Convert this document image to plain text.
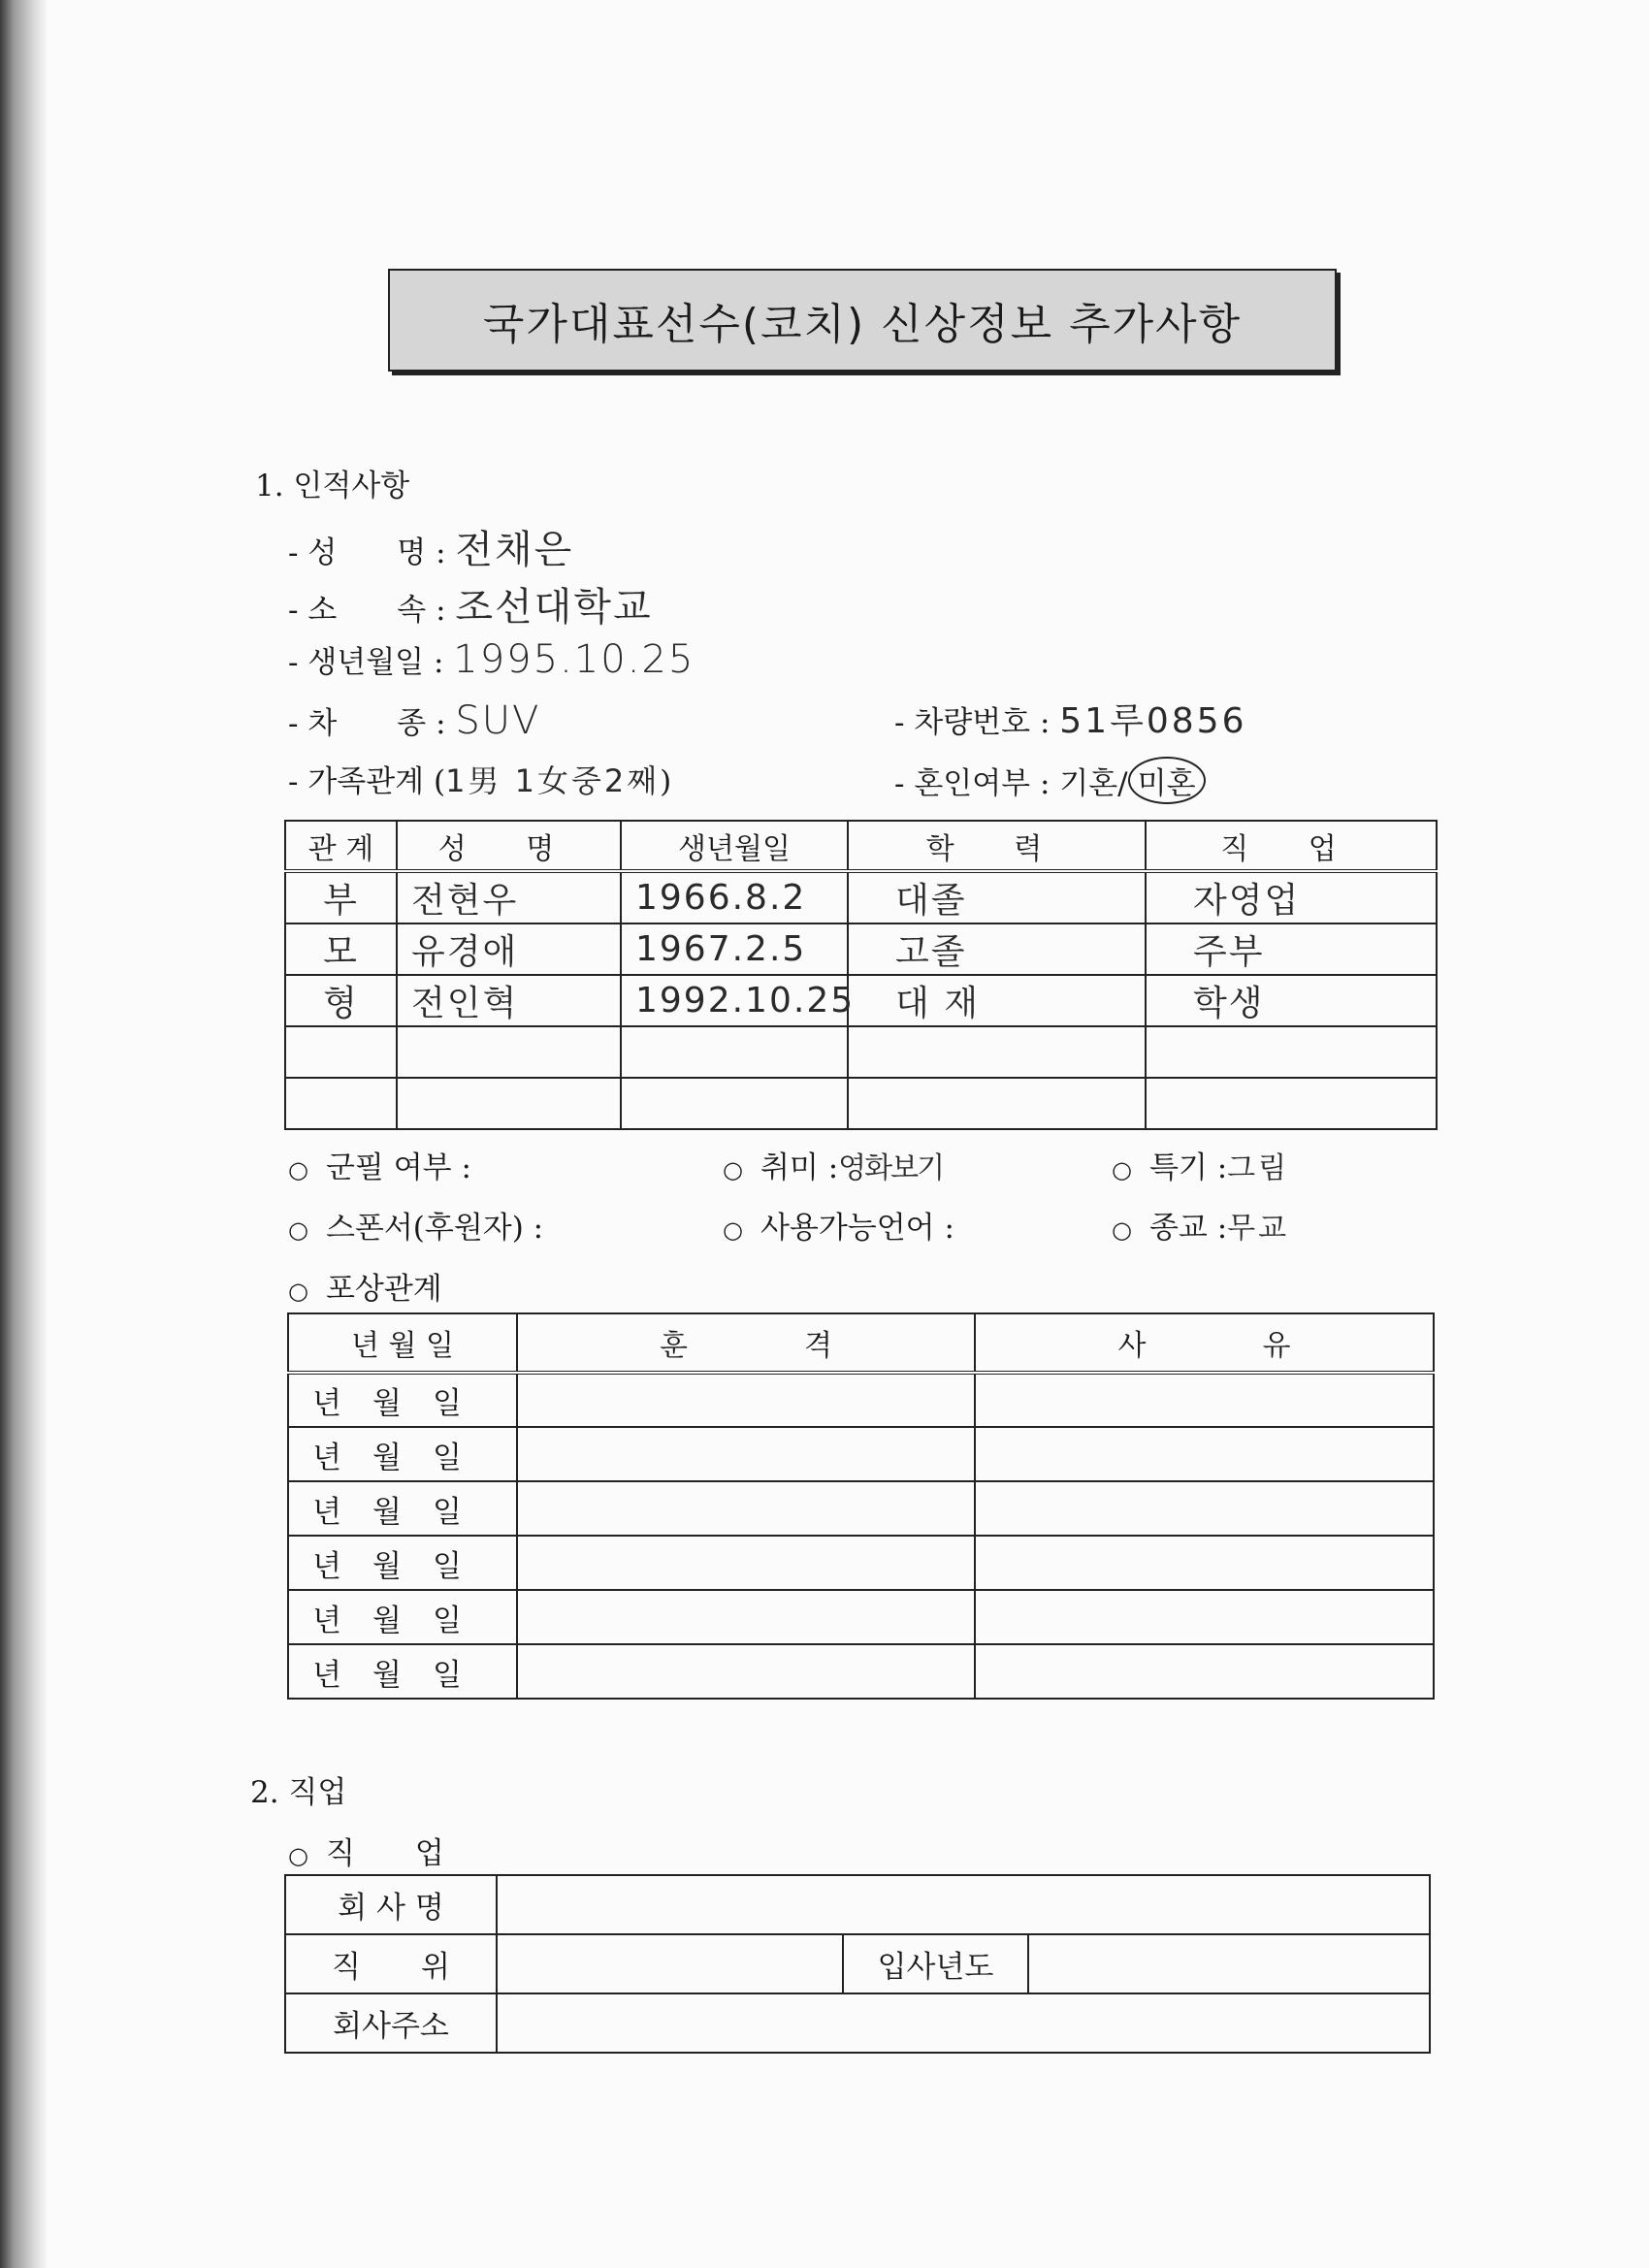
국가대표선수(코치) 신상정보 추가사항
1. 인적사항
- 성　　명 : 전채은
- 소　　속 : 조선대학교
- 생년월일 : 1995.10.25
- 차　　종 : SUV	- 차량번호 : 51루0856
- 가족관계 (1男 1女중2째)	- 혼인여부 : 기혼/ 미혼
관 계	성 명	생년월일	학 력	직 업
부	전현우	1966.8.2	대졸	자영업
모	유경애	1967.2.5	고졸	주부
형	전인혁	1992.10.25	대 재	학생

○ 군필 여부 :	○ 취미 :영화보기	○ 특기 :그림
○ 스폰서(후원자) :	○ 사용가능언어 :	○ 종교 :무교
○ 포상관계
년 월 일	훈　　　　격	사　　　　유
년월일		
년월일		
년월일		
년월일		
년월일		
년월일		
2. 직업
○ 직　　업
회 사 명			
직　　위		입사년도	
회사주소			
